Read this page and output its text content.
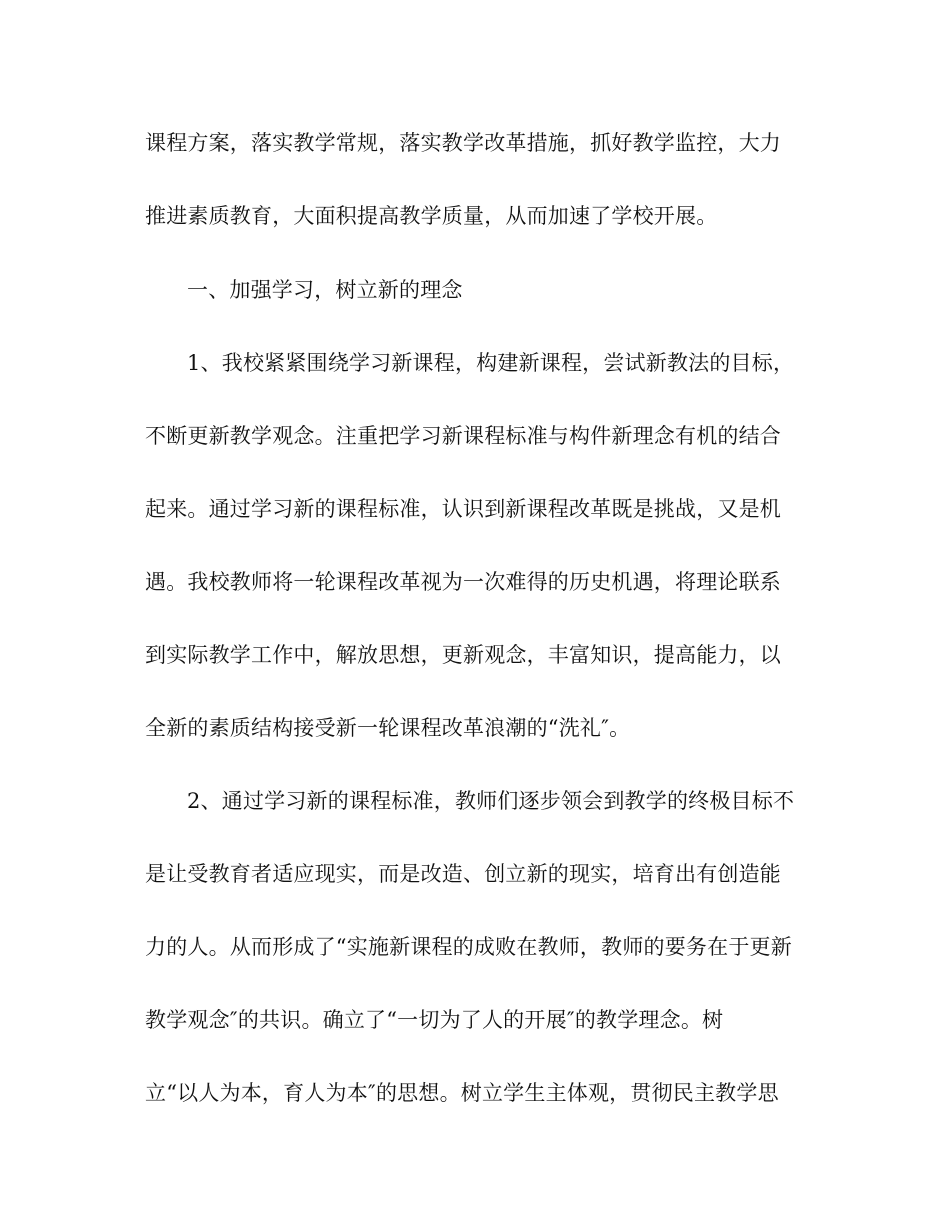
课程方案，落实教学常规，落实教学改革措施，抓好教学监控，大力
推进素质教育，大面积提高教学质量，从而加速了学校开展。
一、加强学习，树立新的理念
1、我校紧紧围绕学习新课程，构建新课程，尝试新教法的目标，
不断更新教学观念。注重把学习新课程标准与构件新理念有机的结合
起来。通过学习新的课程标准，认识到新课程改革既是挑战，又是机
遇。我校教师将一轮课程改革视为一次难得的历史机遇，将理论联系
到实际教学工作中，解放思想，更新观念，丰富知识，提高能力，以
全新的素质结构接受新一轮课程改革浪潮的“洗礼″。
2、通过学习新的课程标准，教师们逐步领会到教学的终极目标不
是让受教育者适应现实，而是改造、创立新的现实，培育出有创造能
力的人。从而形成了“实施新课程的成败在教师，教师的要务在于更新
教学观念″的共识。确立了“一切为了人的开展″的教学理念。树
立“以人为本，育人为本″的思想。树立学生主体观，贯彻民主教学思
